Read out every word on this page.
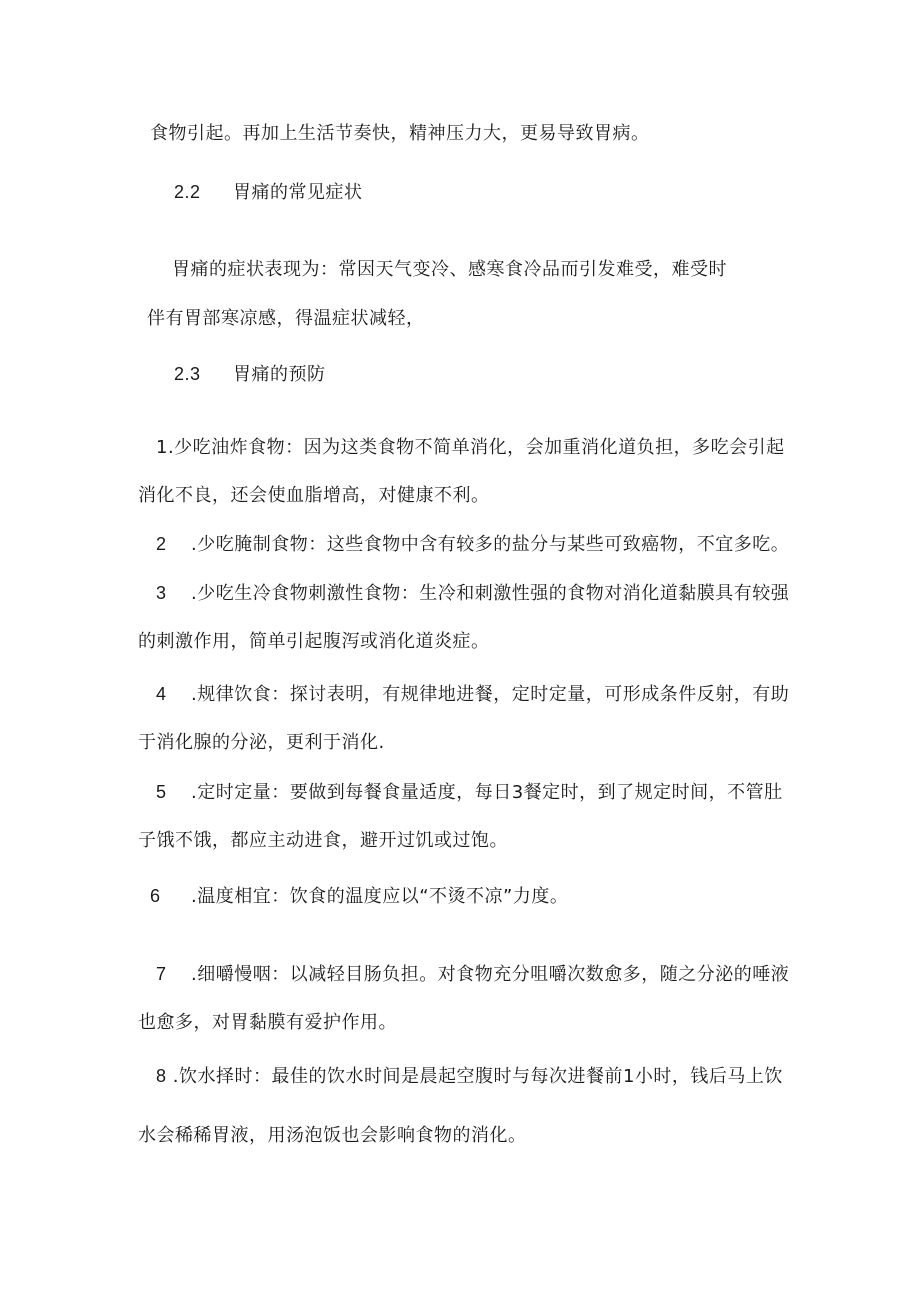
食物引起。再加上生活节奏快，精神压力大，更易导致胃病。
2.2 胃痛的常见症状
胃痛的症状表现为：常因天气变冷、感寒食冷品而引发难受，难受时
伴有胃部寒凉感，得温症状减轻，
2.3 胃痛的预防
1.少吃油炸食物：因为这类食物不简单消化，会加重消化道负担，多吃会引起
消化不良，还会使血脂增高，对健康不利。
2 .少吃腌制食物：这些食物中含有较多的盐分与某些可致癌物，不宜多吃。
3 .少吃生冷食物刺激性食物：生冷和刺激性强的食物对消化道黏膜具有较强
的刺激作用，简单引起腹泻或消化道炎症。
4 .规律饮食：探讨表明，有规律地进餐，定时定量，可形成条件反射，有助
于消化腺的分泌，更利于消化.
5 .定时定量：要做到每餐食量适度，每日3餐定时，到了规定时间，不管肚
子饿不饿，都应主动进食，避开过饥或过饱。
6 .温度相宜：饮食的温度应以“不烫不凉”力度。
7 .细嚼慢咽：以减轻目肠负担。对食物充分咀嚼次数愈多，随之分泌的唾液
也愈多，对胃黏膜有爱护作用。
8 .饮水择时：最佳的饮水时间是晨起空腹时与每次进餐前1小时，钱后马上饮
水会稀稀胃液，用汤泡饭也会影响食物的消化。
